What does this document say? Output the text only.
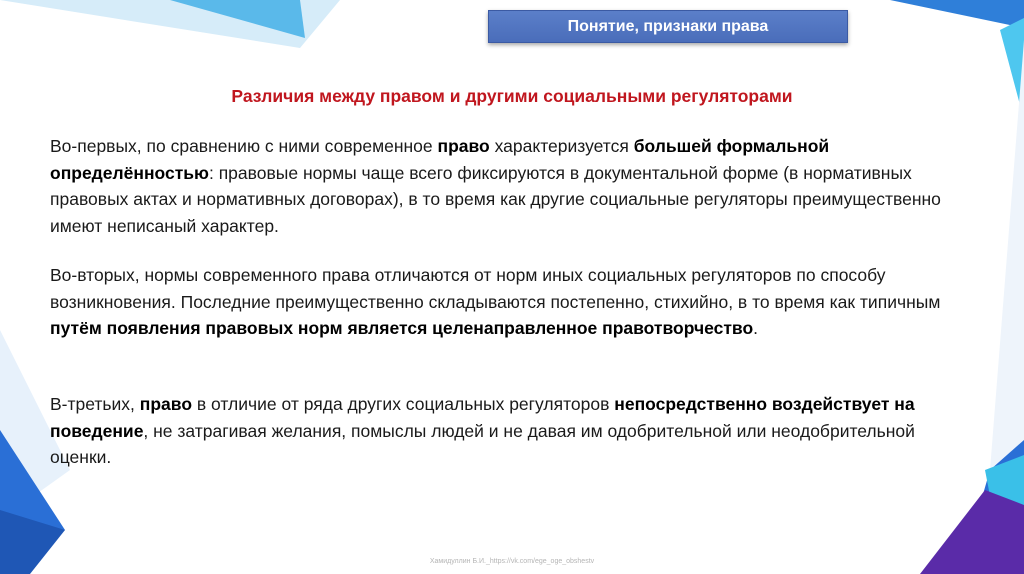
Понятие, признаки права
Различия между правом и другими социальными регуляторами

Во-первых, по сравнению с ними современное право характеризуется большей формальной определённостью: правовые нормы чаще всего фиксируются в документальной форме (в нормативных правовых актах и нормативных договорах), в то время как другие социальные регуляторы преимущественно имеют неписаный характер.

Во-вторых, нормы современного права отличаются от норм иных социальных регуляторов по способу возникновения. Последние преимущественно складываются постепенно, стихийно, в то время как типичным путём появления правовых норм является целенаправленное правотворчество.

В-третьих, право в отличие от ряда других социальных регуляторов непосредственно воздействует на поведение, не затрагивая желания, помыслы людей и не давая им одобрительной или неодобрительной оценки.

Хамидуллин Б.И._https://vk.com/ege_oge_obshestv
